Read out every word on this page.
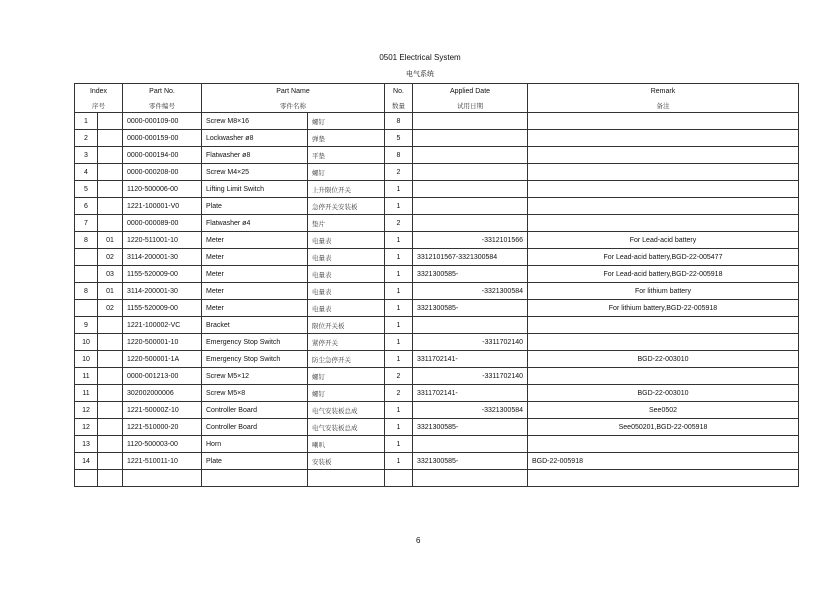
0501 Electrical System
电气系统
Index		Part No.	Part Name		No.	Applied Date	Remark
序号		零件编号	零件名称		数量	试用日期	备注
1		0000-000109-00	Screw M8×16	螺钉	8		
2		0000-000159-00	Lockwasher ø8	弹垫	5		
3		0000-000194-00	Flatwasher ø8	平垫	8		
4		0000-000208-00	Screw M4×25	螺钉	2		
5		1120-500006-00	Lifting Limit Switch	上升限位开关	1		
6		1221-100001-V0	Plate	急停开关安装板	1		
7		0000-000089-00	Flatwasher ø4	垫片	2		
8	01	1220-511001-10	Meter	电量表	1	-3312101566	For Lead-acid battery
	02	3114-200001-30	Meter	电量表	1	3312101567-3321300584	For Lead-acid battery,BGD-22-005477
	03	1155-520009-00	Meter	电量表	1	3321300585-	For Lead-acid battery,BGD-22-005918
8	01	3114-200001-30	Meter	电量表	1	-3321300584	For lithium battery
	02	1155-520009-00	Meter	电量表	1	3321300585-	For lithium battery,BGD-22-005918
9		1221-100002-VC	Bracket	限位开关板	1		
10		1220-500001-10	Emergency Stop Switch	紧停开关	1	-3311702140	
10		1220-500001-1A	Emergency Stop Switch	防尘急停开关	1	3311702141-	BGD-22-003010
11		0000-001213-00	Screw M5×12	螺钉	2	-3311702140	
11		302002000006	Screw M5×8	螺钉	2	3311702141-	BGD-22-003010
12		1221-50000Z-10	Controller Board	电气安装板总成	1	-3321300584	See0502
12		1221-510000-20	Controller Board	电气安装板总成	1	3321300585-	See050201,BGD-22-005918
13		1120-500003-00	Horn	喇叭	1		
14		1221-510011-10	Plate	安装板	1	3321300585-	BGD-22-005918

6
